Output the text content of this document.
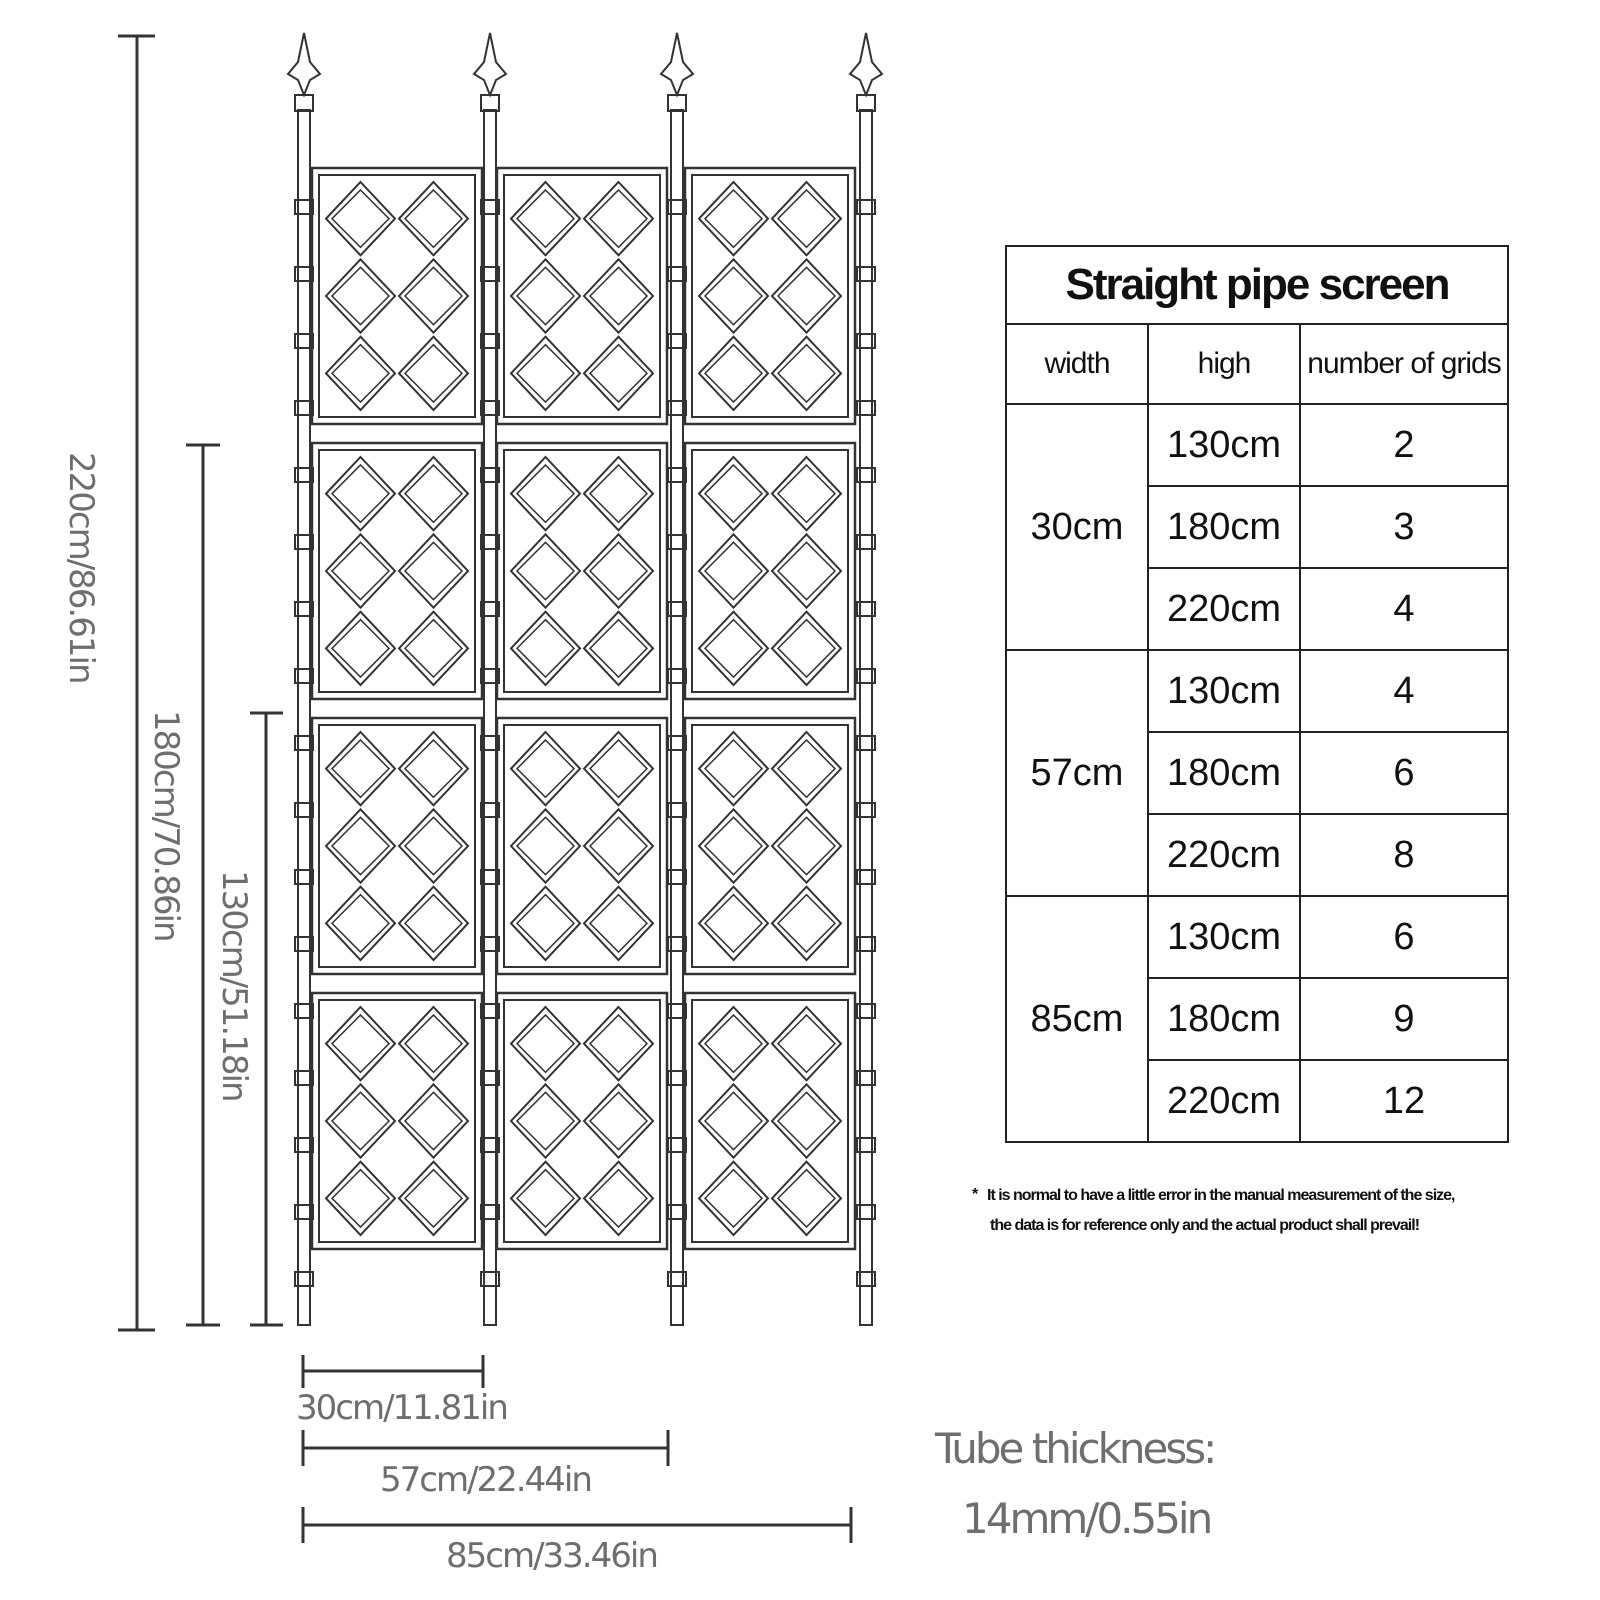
220cm/86.61in
180cm/70.86in
130cm/51.18in
30cm/11.81in
57cm/22.44in
85cm/33.46in
Straight pipe screen		
width	high	number of grids
30cm	130cm	2
	180cm	3
	220cm	4
57cm	130cm	4
	180cm	6
	220cm	8
85cm	130cm	6
	180cm	9
	220cm	12
* It is normal to have a little error in the manual measurement of the size,
the data is for reference only and the actual product shall prevail!
Tube thickness:
14mm/0.55in
